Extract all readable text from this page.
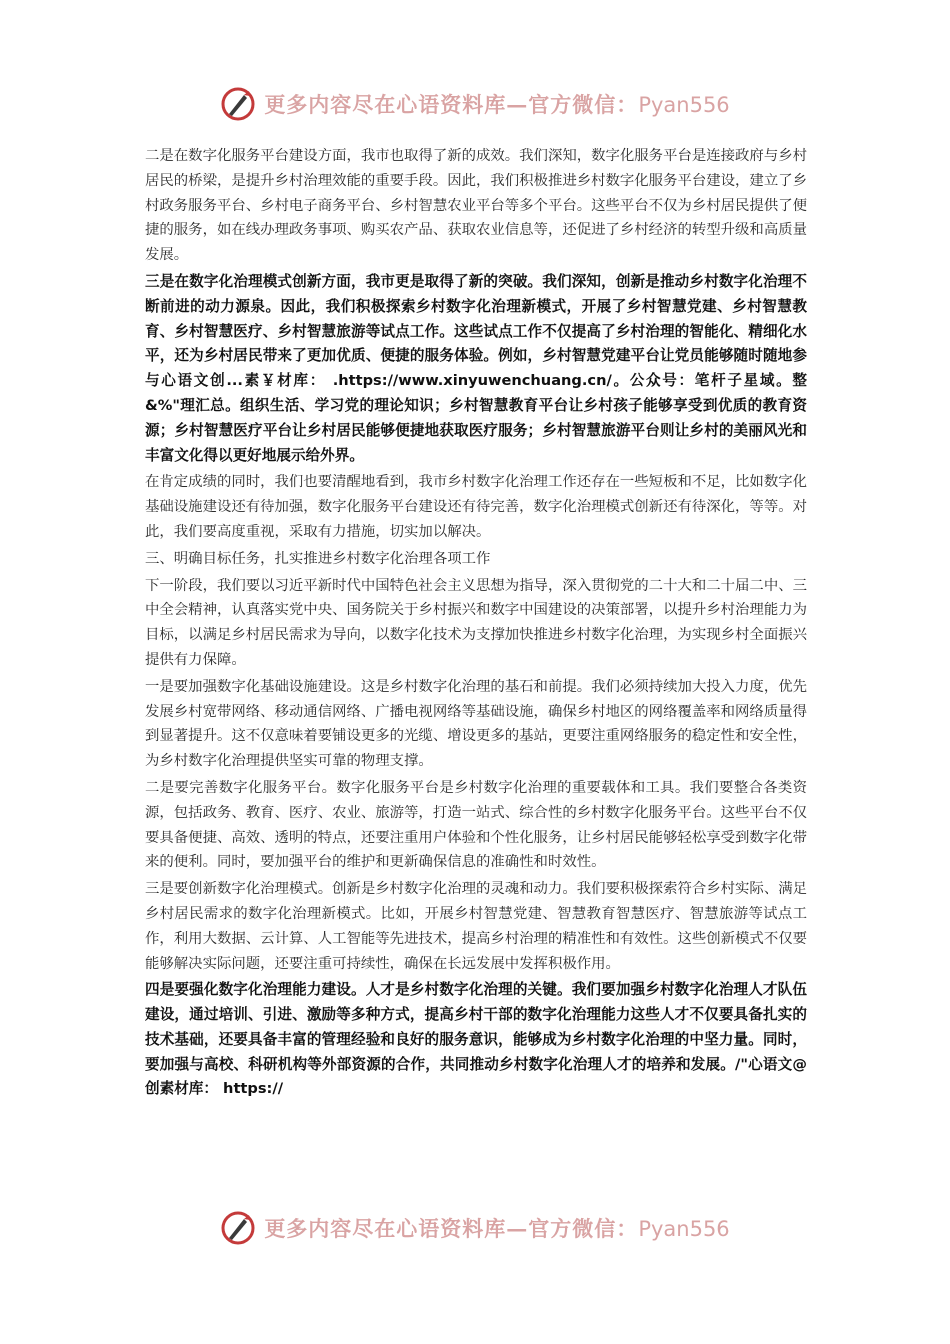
更多内容尽在心语资料库—官方微信：Pyan556

二是在数字化服务平台建设方面，我市也取得了新的成效。我们深知，数字化服务平台是连接政府与乡村居民的桥梁，是提升乡村治理效能的重要手段。因此，我们积极推进乡村数字化服务平台建设，建立了乡村政务服务平台、乡村电子商务平台、乡村智慧农业平台等多个平台。这些平台不仅为乡村居民提供了便捷的服务，如在线办理政务事项、购买农产品、获取农业信息等，还促进了乡村经济的转型升级和高质量发展。

三是在数字化治理模式创新方面，我市更是取得了新的突破。我们深知，创新是推动乡村数字化治理不断前进的动力源泉。因此，我们积极探索乡村数字化治理新模式，开展了乡村智慧党建、乡村智慧教育、乡村智慧医疗、乡村智慧旅游等试点工作。这些试点工作不仅提高了乡村治理的智能化、精细化水平，还为乡村居民带来了更加优质、便捷的服务体验。例如，乡村智慧党建平台让党员能够随时随地参与心语文创...素￥材库： .https://www.xinyuwenchuang.cn/。公众号：笔杆子星域。整&%"理汇总。组织生活、学习党的理论知识；乡村智慧教育平台让乡村孩子能够享受到优质的教育资源；乡村智慧医疗平台让乡村居民能够便捷地获取医疗服务；乡村智慧旅游平台则让乡村的美丽风光和丰富文化得以更好地展示给外界。

在肯定成绩的同时，我们也要清醒地看到，我市乡村数字化治理工作还存在一些短板和不足，比如数字化基础设施建设还有待加强，数字化服务平台建设还有待完善，数字化治理模式创新还有待深化，等等。对此，我们要高度重视，采取有力措施，切实加以解决。

三、明确目标任务，扎实推进乡村数字化治理各项工作

下一阶段，我们要以习近平新时代中国特色社会主义思想为指导，深入贯彻党的二十大和二十届二中、三中全会精神，认真落实党中央、国务院关于乡村振兴和数字中国建设的决策部署，以提升乡村治理能力为目标，以满足乡村居民需求为导向，以数字化技术为支撑加快推进乡村数字化治理，为实现乡村全面振兴提供有力保障。

一是要加强数字化基础设施建设。这是乡村数字化治理的基石和前提。我们必须持续加大投入力度，优先发展乡村宽带网络、移动通信网络、广播电视网络等基础设施，确保乡村地区的网络覆盖率和网络质量得到显著提升。这不仅意味着要铺设更多的光缆、增设更多的基站，更要注重网络服务的稳定性和安全性，为乡村数字化治理提供坚实可靠的物理支撑。

二是要完善数字化服务平台。数字化服务平台是乡村数字化治理的重要载体和工具。我们要整合各类资源，包括政务、教育、医疗、农业、旅游等，打造一站式、综合性的乡村数字化服务平台。这些平台不仅要具备便捷、高效、透明的特点，还要注重用户体验和个性化服务，让乡村居民能够轻松享受到数字化带来的便利。同时，要加强平台的维护和更新确保信息的准确性和时效性。

三是要创新数字化治理模式。创新是乡村数字化治理的灵魂和动力。我们要积极探索符合乡村实际、满足乡村居民需求的数字化治理新模式。比如，开展乡村智慧党建、智慧教育智慧医疗、智慧旅游等试点工作，利用大数据、云计算、人工智能等先进技术，提高乡村治理的精准性和有效性。这些创新模式不仅要能够解决实际问题，还要注重可持续性，确保在长远发展中发挥积极作用。

四是要强化数字化治理能力建设。人才是乡村数字化治理的关键。我们要加强乡村数字化治理人才队伍建设，通过培训、引进、激励等多种方式，提高乡村干部的数字化治理能力这些人才不仅要具备扎实的技术基础，还要具备丰富的管理经验和良好的服务意识，能够成为乡村数字化治理的中坚力量。同时，要加强与高校、科研机构等外部资源的合作，共同推动乡村数字化治理人才的培养和发展。/"心语文@创素材库： https://

更多内容尽在心语资料库—官方微信：Pyan556
